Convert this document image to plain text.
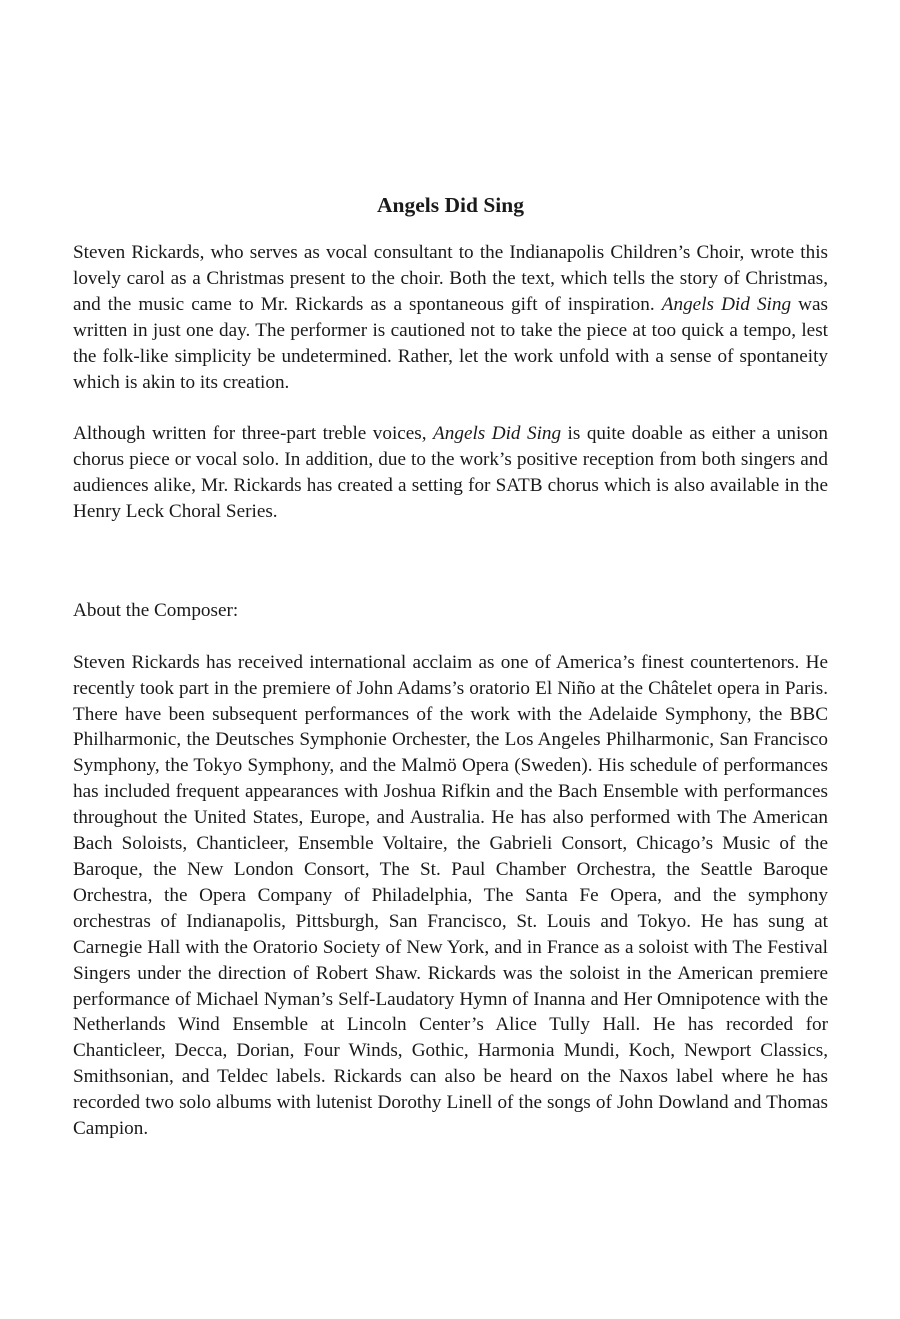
Angels Did Sing

Steven Rickards, who serves as vocal consultant to the Indianapolis Children’s Choir, wrote this lovely carol as a Christmas present to the choir. Both the text, which tells the story of Christmas, and the music came to Mr. Rickards as a spontaneous gift of inspiration. Angels Did Sing was written in just one day. The performer is cautioned not to take the piece at too quick a tempo, lest the folk-like simplicity be undetermined. Rather, let the work unfold with a sense of spontaneity which is akin to its creation.

Although written for three-part treble voices, Angels Did Sing is quite doable as either a unison chorus piece or vocal solo. In addition, due to the work’s positive reception from both singers and audiences alike, Mr. Rickards has created a setting for SATB chorus which is also available in the Henry Leck Choral Series.

About the Composer:

Steven Rickards has received international acclaim as one of America’s finest countertenors. He recently took part in the premiere of John Adams’s oratorio El Niño at the Châtelet opera in Paris. There have been subsequent performances of the work with the Adelaide Symphony, the BBC Philharmonic, the Deutsches Symphonie Orchester, the Los Angeles Philharmonic, San Francisco Symphony, the Tokyo Symphony, and the Malmö Opera (Sweden). His schedule of performances has included frequent appearances with Joshua Rifkin and the Bach Ensemble with performances throughout the United States, Europe, and Australia. He has also performed with The American Bach Soloists, Chanticleer, Ensemble Voltaire, the Gabrieli Consort, Chicago’s Music of the Baroque, the New London Consort, The St. Paul Chamber Orchestra, the Seattle Baroque Orchestra, the Opera Company of Philadelphia, The Santa Fe Opera, and the symphony orchestras of Indianapolis, Pittsburgh, San Francisco, St. Louis and Tokyo. He has sung at Carnegie Hall with the Oratorio Society of New York, and in France as a soloist with The Festival Singers under the direction of Robert Shaw. Rickards was the soloist in the American premiere performance of Michael Nyman’s Self-Laudatory Hymn of Inanna and Her Omnipotence with the Netherlands Wind Ensemble at Lincoln Center’s Alice Tully Hall. He has recorded for Chanticleer, Decca, Dorian, Four Winds, Gothic, Harmonia Mundi, Koch, Newport Classics, Smithsonian, and Teldec labels. Rickards can also be heard on the Naxos label where he has recorded two solo albums with lutenist Dorothy Linell of the songs of John Dowland and Thomas Campion.
